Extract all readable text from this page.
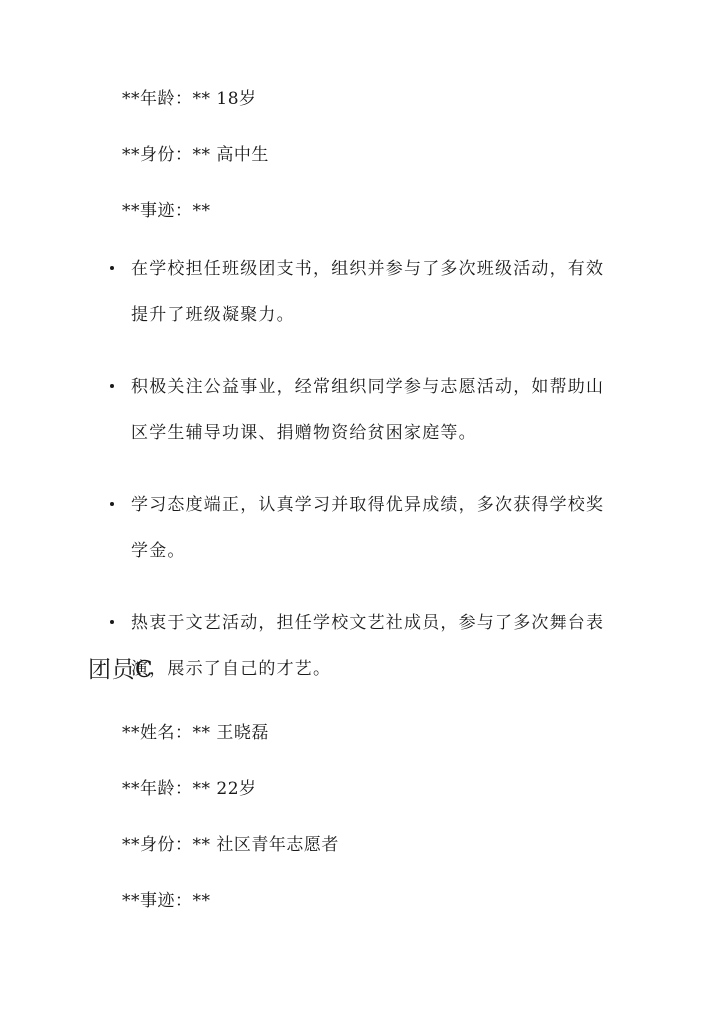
**年龄：** 18岁
**身份：** 高中生
**事迹：**
在学校担任班级团支书，组织并参与了多次班级活动，有效提升了班级凝聚力。
积极关注公益事业，经常组织同学参与志愿活动，如帮助山区学生辅导功课、捐赠物资给贫困家庭等。
学习态度端正，认真学习并取得优异成绩，多次获得学校奖学金。
热衷于文艺活动，担任学校文艺社成员，参与了多次舞台表演，展示了自己的才艺。
团员C
**姓名：** 王晓磊
**年龄：** 22岁
**身份：** 社区青年志愿者
**事迹：**
